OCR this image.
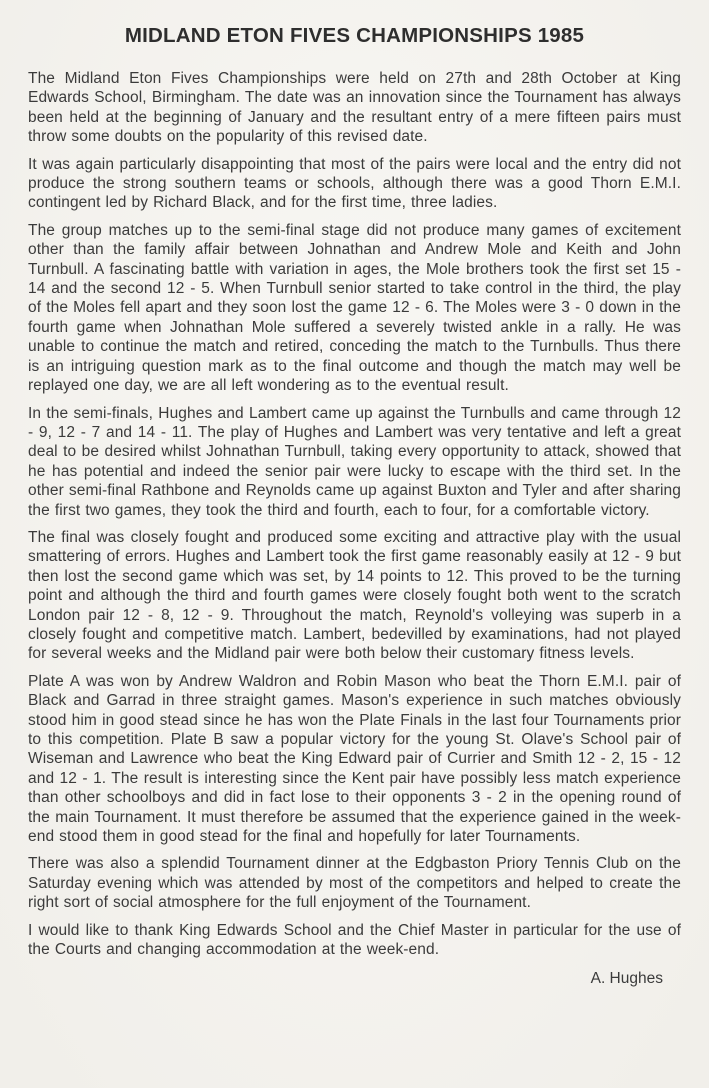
MIDLAND ETON FIVES CHAMPIONSHIPS 1985

The Midland Eton Fives Championships were held on 27th and 28th October at King Edwards School, Birmingham. The date was an innovation since the Tournament has always been held at the beginning of January and the resultant entry of a mere fifteen pairs must throw some doubts on the popularity of this revised date.

It was again particularly disappointing that most of the pairs were local and the entry did not produce the strong southern teams or schools, although there was a good Thorn E.M.I. contingent led by Richard Black, and for the first time, three ladies.

The group matches up to the semi-final stage did not produce many games of excitement other than the family affair between Johnathan and Andrew Mole and Keith and John Turnbull. A fascinating battle with variation in ages, the Mole brothers took the first set 15 - 14 and the second 12 - 5. When Turnbull senior started to take control in the third, the play of the Moles fell apart and they soon lost the game 12 - 6. The Moles were 3 - 0 down in the fourth game when Johnathan Mole suffered a severely twisted ankle in a rally. He was unable to continue the match and retired, conceding the match to the Turnbulls. Thus there is an intriguing question mark as to the final outcome and though the match may well be replayed one day, we are all left wondering as to the eventual result.

In the semi-finals, Hughes and Lambert came up against the Turnbulls and came through 12 - 9, 12 - 7 and 14 - 11. The play of Hughes and Lambert was very tentative and left a great deal to be desired whilst Johnathan Turnbull, taking every opportunity to attack, showed that he has potential and indeed the senior pair were lucky to escape with the third set. In the other semi-final Rathbone and Reynolds came up against Buxton and Tyler and after sharing the first two games, they took the third and fourth, each to four, for a comfortable victory.

The final was closely fought and produced some exciting and attractive play with the usual smattering of errors. Hughes and Lambert took the first game reasonably easily at 12 - 9 but then lost the second game which was set, by 14 points to 12. This proved to be the turning point and although the third and fourth games were closely fought both went to the scratch London pair 12 - 8, 12 - 9. Throughout the match, Reynold's volleying was superb in a closely fought and competitive match. Lambert, bedevilled by examinations, had not played for several weeks and the Midland pair were both below their customary fitness levels.

Plate A was won by Andrew Waldron and Robin Mason who beat the Thorn E.M.I. pair of Black and Garrad in three straight games. Mason's experience in such matches obviously stood him in good stead since he has won the Plate Finals in the last four Tournaments prior to this competition. Plate B saw a popular victory for the young St. Olave's School pair of Wiseman and Lawrence who beat the King Edward pair of Currier and Smith 12 - 2, 15 - 12 and 12 - 1. The result is interesting since the Kent pair have possibly less match experience than other schoolboys and did in fact lose to their opponents 3 - 2 in the opening round of the main Tournament. It must therefore be assumed that the experience gained in the week-end stood them in good stead for the final and hopefully for later Tournaments.

There was also a splendid Tournament dinner at the Edgbaston Priory Tennis Club on the Saturday evening which was attended by most of the competitors and helped to create the right sort of social atmosphere for the full enjoyment of the Tournament.

I would like to thank King Edwards School and the Chief Master in particular for the use of the Courts and changing accommodation at the week-end.

A. Hughes
